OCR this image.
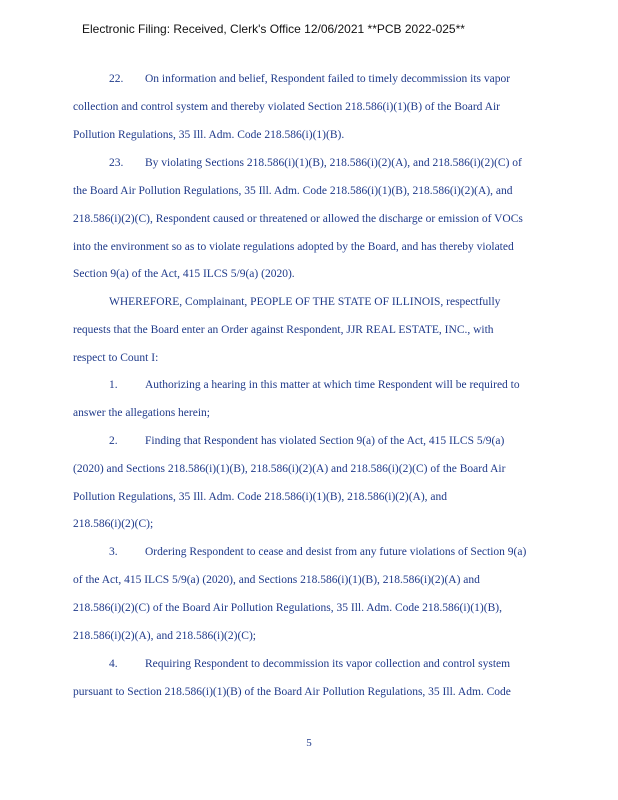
Electronic Filing: Received, Clerk's Office 12/06/2021 **PCB 2022-025**
22. On information and belief, Respondent failed to timely decommission its vapor
collection and control system and thereby violated Section 218.586(i)(1)(B) of the Board Air
Pollution Regulations, 35 Ill. Adm. Code 218.586(i)(1)(B).
23. By violating Sections 218.586(i)(1)(B), 218.586(i)(2)(A), and 218.586(i)(2)(C) of
the Board Air Pollution Regulations, 35 Ill. Adm. Code 218.586(i)(1)(B), 218.586(i)(2)(A), and
218.586(i)(2)(C), Respondent caused or threatened or allowed the discharge or emission of VOCs
into the environment so as to violate regulations adopted by the Board, and has thereby violated
Section 9(a) of the Act, 415 ILCS 5/9(a) (2020).
WHEREFORE, Complainant, PEOPLE OF THE STATE OF ILLINOIS, respectfully
requests that the Board enter an Order against Respondent, JJR REAL ESTATE, INC., with
respect to Count I:
1. Authorizing a hearing in this matter at which time Respondent will be required to
answer the allegations herein;
2. Finding that Respondent has violated Section 9(a) of the Act, 415 ILCS 5/9(a)
(2020) and Sections 218.586(i)(1)(B), 218.586(i)(2)(A) and 218.586(i)(2)(C) of the Board Air
Pollution Regulations, 35 Ill. Adm. Code 218.586(i)(1)(B), 218.586(i)(2)(A), and
218.586(i)(2)(C);
3. Ordering Respondent to cease and desist from any future violations of Section 9(a)
of the Act, 415 ILCS 5/9(a) (2020), and Sections 218.586(i)(1)(B), 218.586(i)(2)(A) and
218.586(i)(2)(C) of the Board Air Pollution Regulations, 35 Ill. Adm. Code 218.586(i)(1)(B),
218.586(i)(2)(A), and 218.586(i)(2)(C);
4. Requiring Respondent to decommission its vapor collection and control system
pursuant to Section 218.586(i)(1)(B) of the Board Air Pollution Regulations, 35 Ill. Adm. Code
5
